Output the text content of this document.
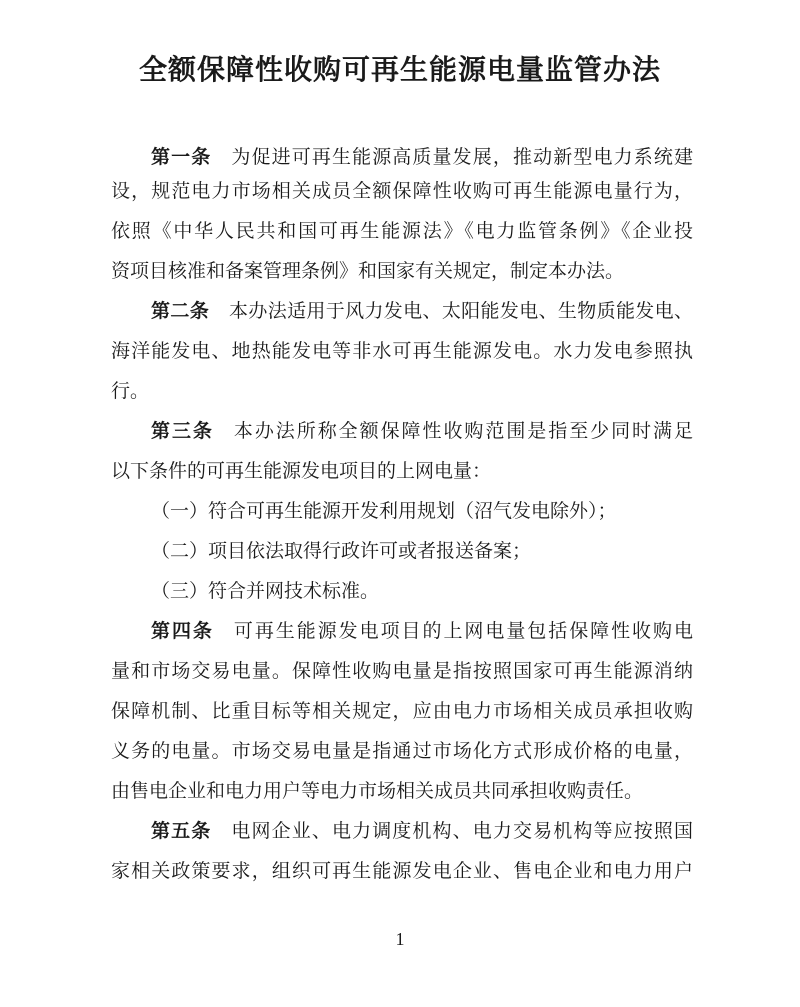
全额保障性收购可再生能源电量监管办法
第一条 为促进可再生能源高质量发展，推动新型电力系统建
设，规范电力市场相关成员全额保障性收购可再生能源电量行为，
依照《中华人民共和国可再生能源法》《电力监管条例》《企业投
资项目核准和备案管理条例》和国家有关规定，制定本办法。
第二条 本办法适用于风力发电、太阳能发电、生物质能发电、
海洋能发电、地热能发电等非水可再生能源发电。水力发电参照执
行。
第三条 本办法所称全额保障性收购范围是指至少同时满足
以下条件的可再生能源发电项目的上网电量：
（一）符合可再生能源开发利用规划（沼气发电除外）；
（二）项目依法取得行政许可或者报送备案；
（三）符合并网技术标准。
第四条 可再生能源发电项目的上网电量包括保障性收购电
量和市场交易电量。保障性收购电量是指按照国家可再生能源消纳
保障机制、比重目标等相关规定，应由电力市场相关成员承担收购
义务的电量。市场交易电量是指通过市场化方式形成价格的电量，
由售电企业和电力用户等电力市场相关成员共同承担收购责任。
第五条 电网企业、电力调度机构、电力交易机构等应按照国
家相关政策要求，组织可再生能源发电企业、售电企业和电力用户
1
